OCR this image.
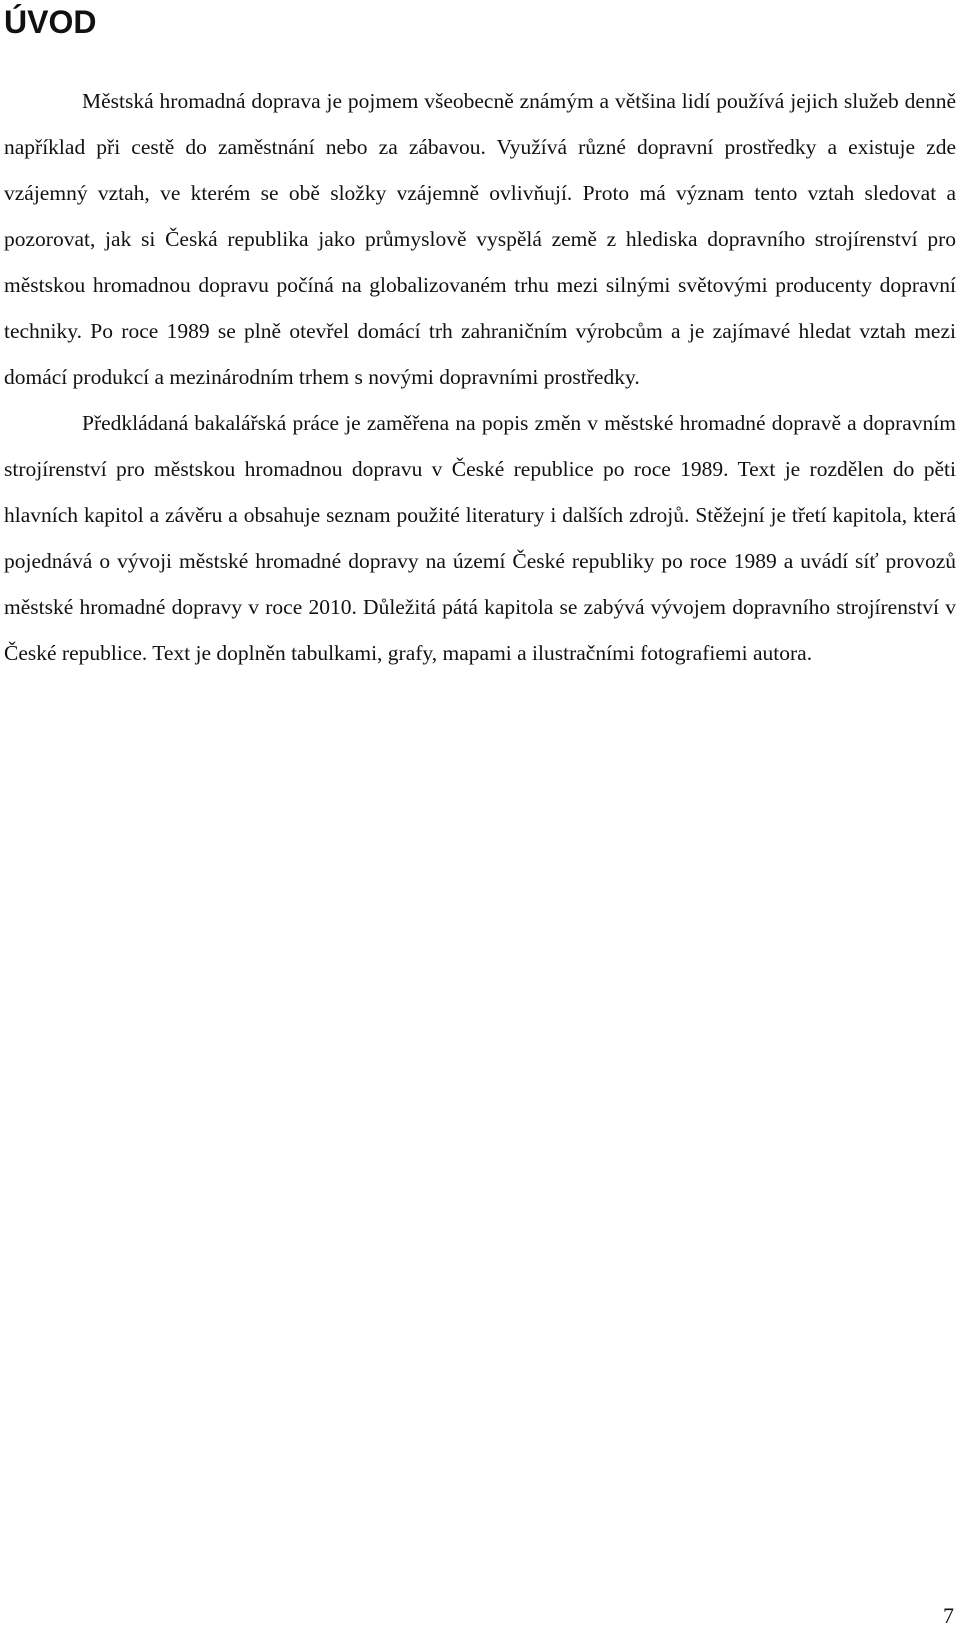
ÚVOD

Městská hromadná doprava je pojmem všeobecně známým a většina lidí používá jejich služeb denně například při cestě do zaměstnání nebo za zábavou. Využívá různé dopravní prostředky a existuje zde vzájemný vztah, ve kterém se obě složky vzájemně ovlivňují. Proto má význam tento vztah sledovat a pozorovat, jak si Česká republika jako průmyslově vyspělá země z hlediska dopravního strojírenství pro městskou hromadnou dopravu počíná na globalizovaném trhu mezi silnými světovými producenty dopravní techniky. Po roce 1989 se plně otevřel domácí trh zahraničním výrobcům a je zajímavé hledat vztah mezi domácí produkcí a mezinárodním trhem s novými dopravními prostředky.

Předkládaná bakalářská práce je zaměřena na popis změn v městské hromadné dopravě a dopravním strojírenství pro městskou hromadnou dopravu v České republice po roce 1989. Text je rozdělen do pěti hlavních kapitol a závěru a obsahuje seznam použité literatury i dalších zdrojů. Stěžejní je třetí kapitola, která pojednává o vývoji městské hromadné dopravy na území České republiky po roce 1989 a uvádí síť provozů městské hromadné dopravy v roce 2010. Důležitá pátá kapitola se zabývá vývojem dopravního strojírenství v České republice. Text je doplněn tabulkami, grafy, mapami a ilustračními fotografiemi autora.

7
